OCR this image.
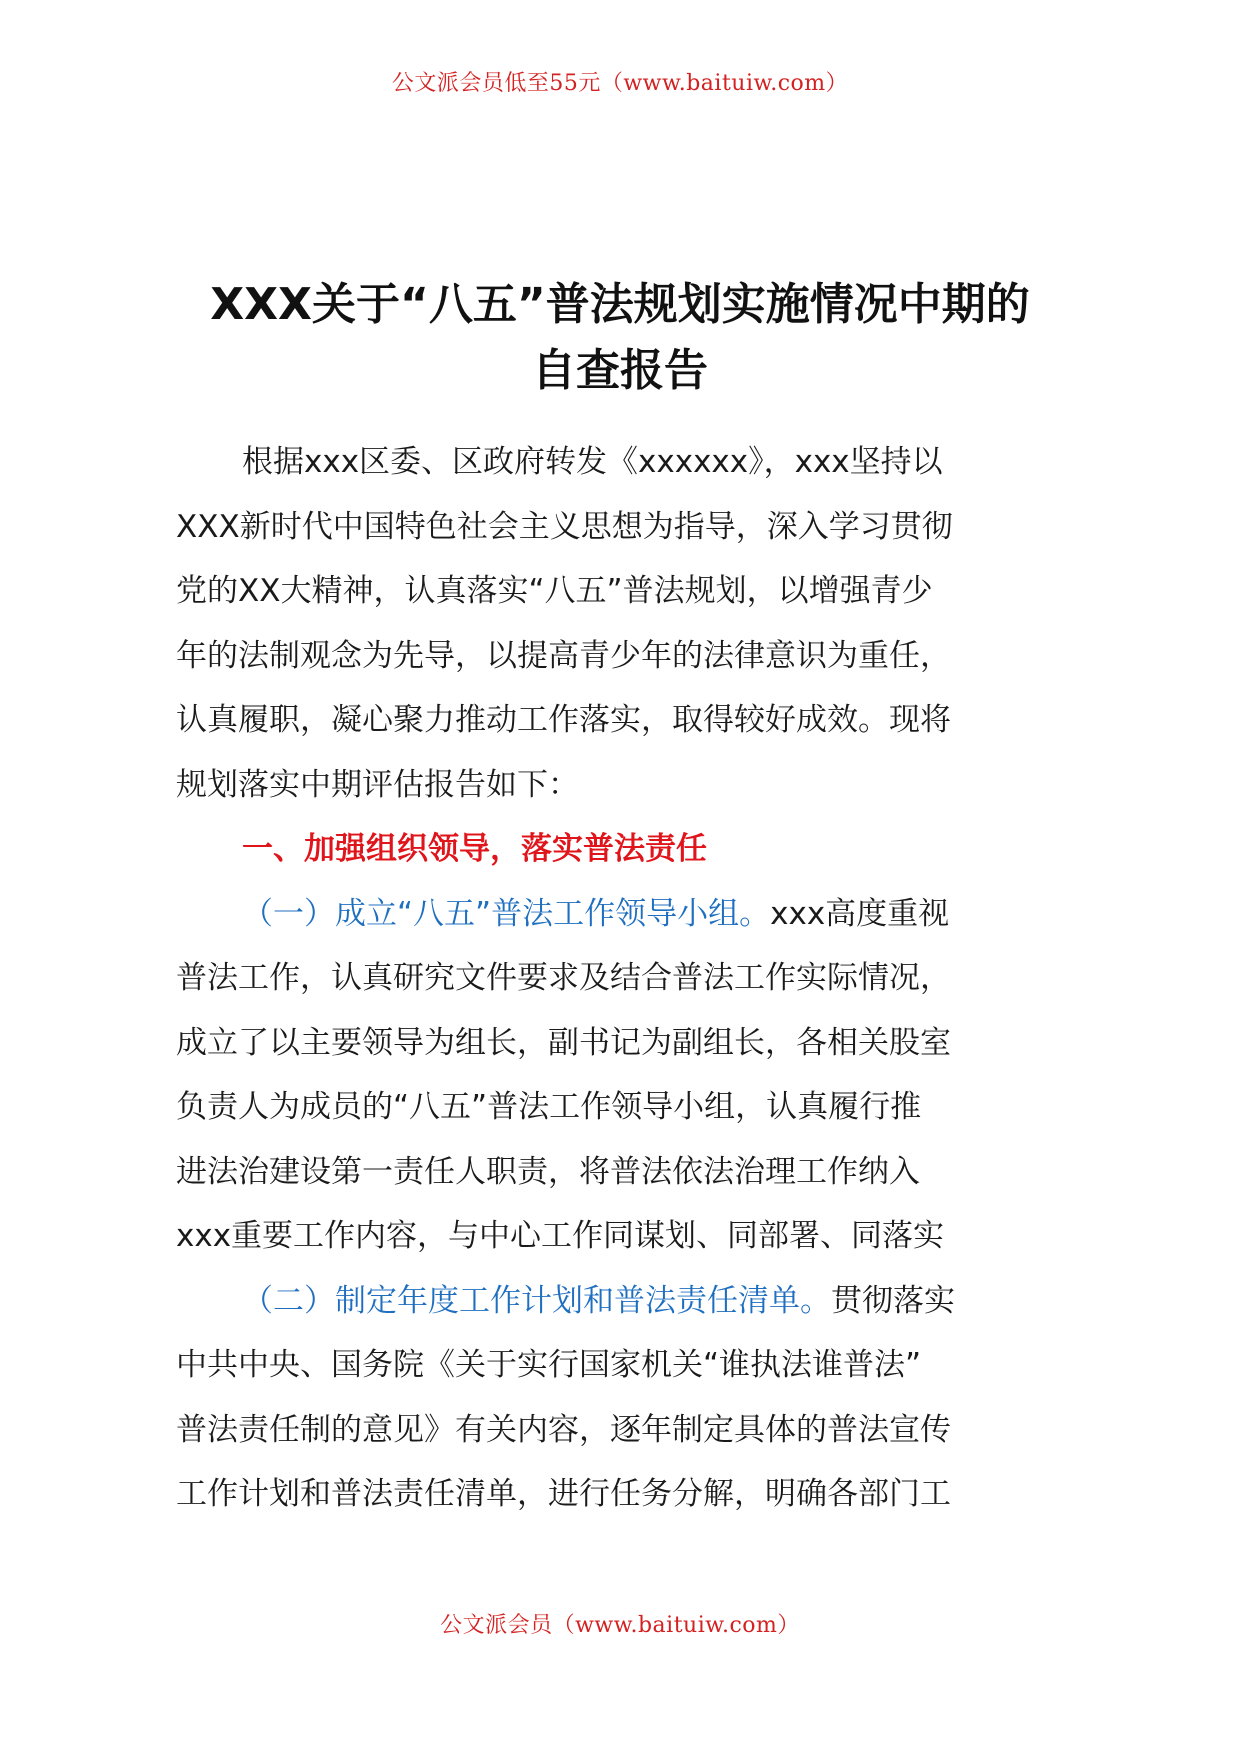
公文派会员低至55元（www.baituiw.com）
XXX关于“八五”普法规划实施情况中期的
自查报告
根据xxx区委、区政府转发《xxxxxx》，xxx坚持以
XXX新时代中国特色社会主义思想为指导，深入学习贯彻
党的XX大精神，认真落实“八五”普法规划，以增强青少
年的法制观念为先导，以提高青少年的法律意识为重任，
认真履职，凝心聚力推动工作落实，取得较好成效。现将
规划落实中期评估报告如下：
一、加强组织领导，落实普法责任
（一）成立“八五”普法工作领导小组。xxx高度重视
普法工作，认真研究文件要求及结合普法工作实际情况，
成立了以主要领导为组长，副书记为副组长，各相关股室
负责人为成员的“八五”普法工作领导小组，认真履行推
进法治建设第一责任人职责，将普法依法治理工作纳入
xxx重要工作内容，与中心工作同谋划、同部署、同落实
（二）制定年度工作计划和普法责任清单。贯彻落实
中共中央、国务院《关于实行国家机关“谁执法谁普法”
普法责任制的意见》有关内容，逐年制定具体的普法宣传
工作计划和普法责任清单，进行任务分解，明确各部门工
公文派会员（www.baituiw.com）
